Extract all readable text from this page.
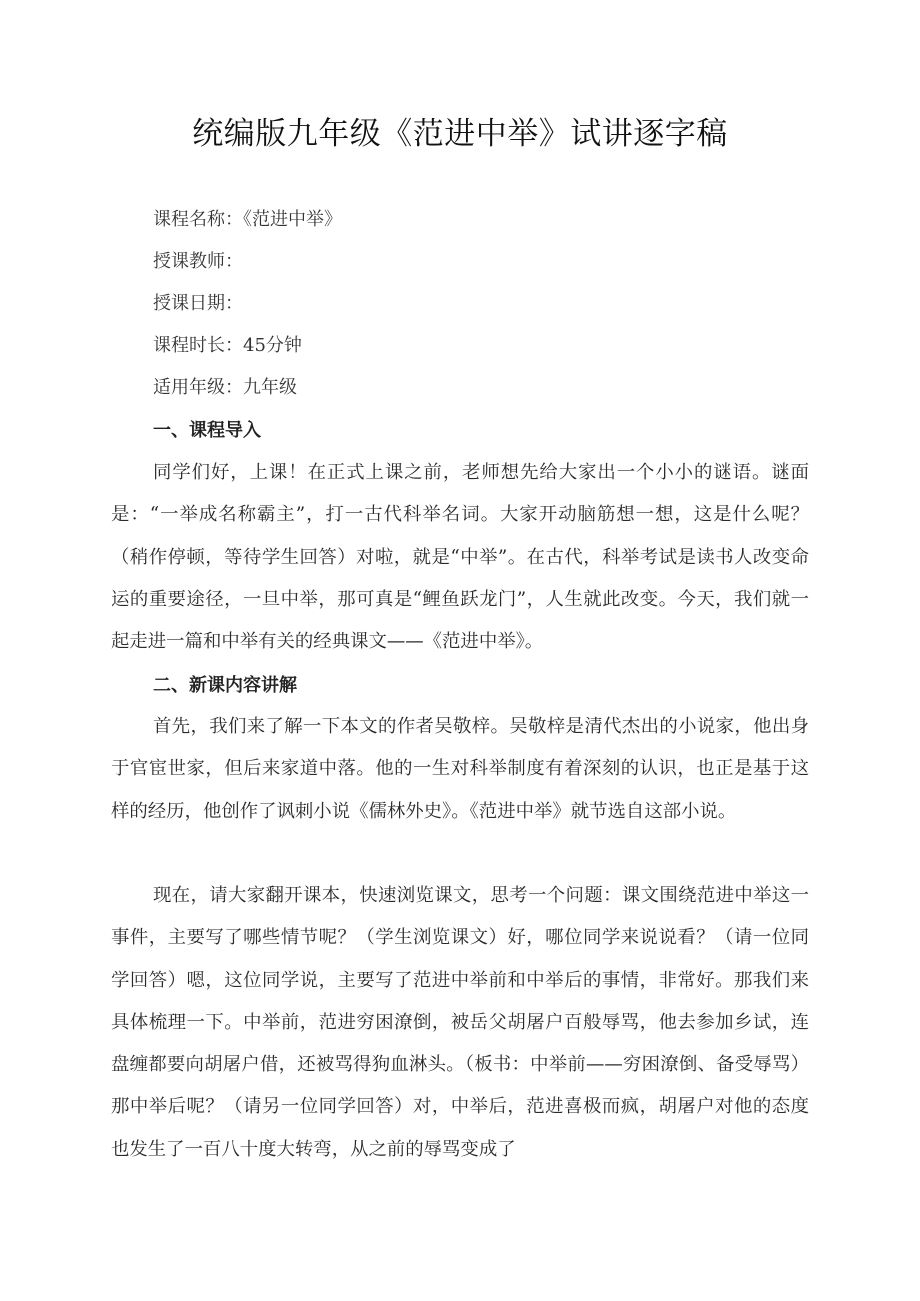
统编版九年级《范进中举》试讲逐字稿
课程名称：《范进中举》
授课教师：
授课日期：
课程时长：45分钟
适用年级：九年级
一、课程导入

同学们好，上课！在正式上课之前，老师想先给大家出一个小小的谜语。谜面是：“一举成名称霸主”，打一古代科举名词。大家开动脑筋想一想，这是什么呢？（稍作停顿，等待学生回答）对啦，就是“中举”。在古代，科举考试是读书人改变命运的重要途径，一旦中举，那可真是“鲤鱼跃龙门”，人生就此改变。今天，我们就一起走进一篇和中举有关的经典课文——《范进中举》。

二、新课内容讲解

首先，我们来了解一下本文的作者吴敬梓。吴敬梓是清代杰出的小说家，他出身于官宦世家，但后来家道中落。他的一生对科举制度有着深刻的认识，也正是基于这样的经历，他创作了讽刺小说《儒林外史》。《范进中举》就节选自这部小说。

现在，请大家翻开课本，快速浏览课文，思考一个问题：课文围绕范进中举这一事件，主要写了哪些情节呢？（学生浏览课文）好，哪位同学来说说看？（请一位同学回答）嗯，这位同学说，主要写了范进中举前和中举后的事情，非常好。那我们来具体梳理一下。中举前，范进穷困潦倒，被岳父胡屠户百般辱骂，他去参加乡试，连盘缠都要向胡屠户借，还被骂得狗血淋头。（板书：中举前——穷困潦倒、备受辱骂）那中举后呢？（请另一位同学回答）对，中举后，范进喜极而疯，胡屠户对他的态度也发生了一百八十度大转弯，从之前的辱骂变成了
